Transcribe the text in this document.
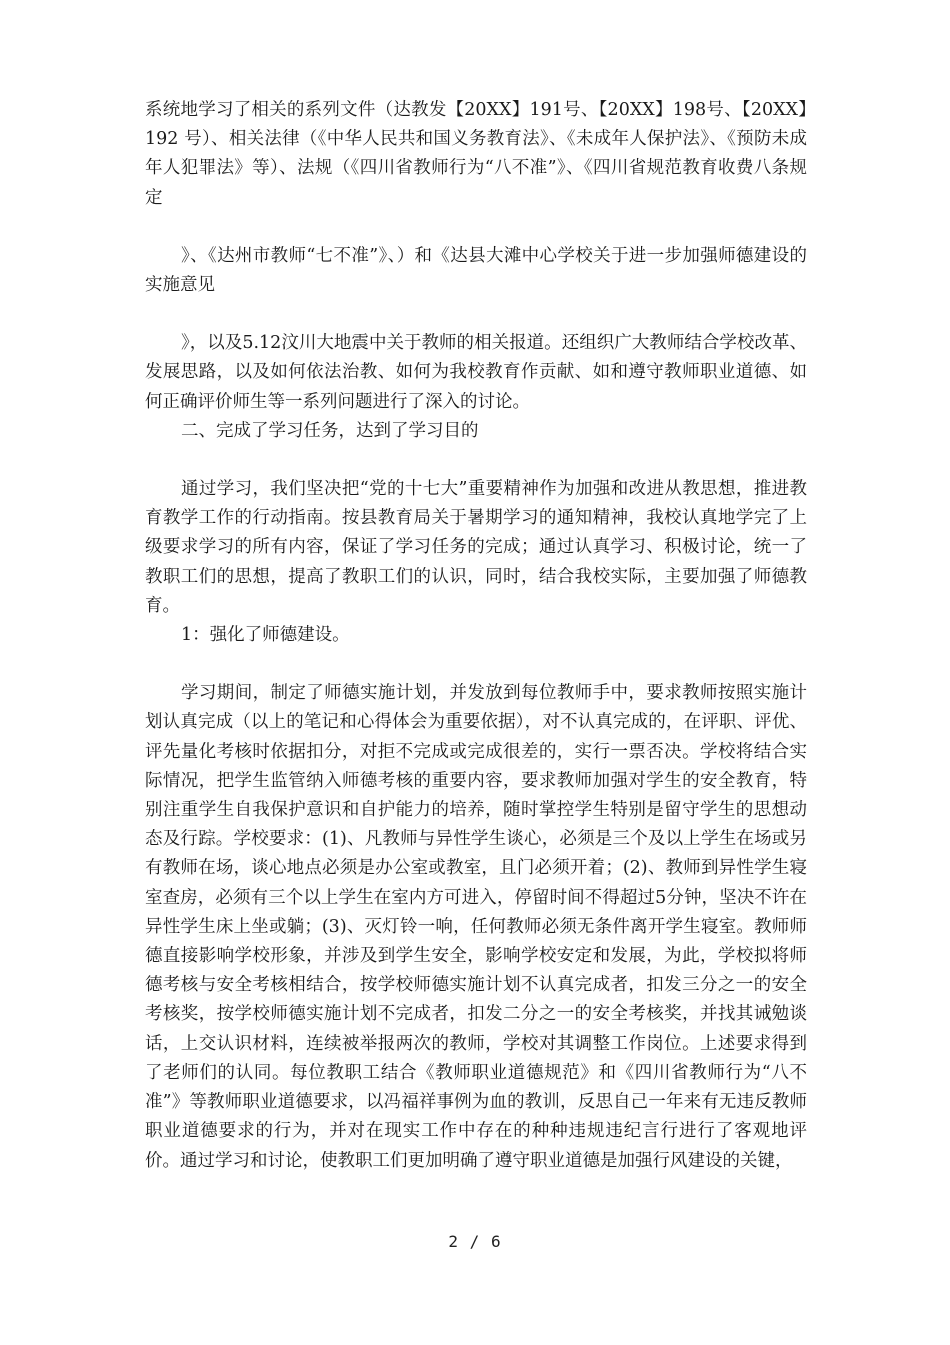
系统地学习了相关的系列文件（达教发【20XX】191号、【20XX】198号、【20XX】192 号）、相关法律（《中华人民共和国义务教育法》、《未成年人保护法》、《预防未成年人犯罪法》等）、法规（《四川省教师行为“八不准”》、《四川省规范教育收费八条规定

》、《达州市教师“七不准”》、）和《达县大滩中心学校关于进一步加强师德建设的实施意见

》，以及5.12汶川大地震中关于教师的相关报道。还组织广大教师结合学校改革、发展思路，以及如何依法治教、如何为我校教育作贡献、如和遵守教师职业道德、如何正确评价师生等一系列问题进行了深入的讨论。

二、完成了学习任务，达到了学习目的

通过学习，我们坚决把“党的十七大”重要精神作为加强和改进从教思想，推进教育教学工作的行动指南。按县教育局关于暑期学习的通知精神，我校认真地学完了上级要求学习的所有内容，保证了学习任务的完成；通过认真学习、积极讨论，统一了教职工们的思想，提高了教职工们的认识，同时，结合我校实际，主要加强了师德教育。

1：强化了师德建设。

学习期间，制定了师德实施计划，并发放到每位教师手中，要求教师按照实施计划认真完成（以上的笔记和心得体会为重要依据），对不认真完成的，在评职、评优、评先量化考核时依据扣分，对拒不完成或完成很差的，实行一票否决。学校将结合实际情况，把学生监管纳入师德考核的重要内容，要求教师加强对学生的安全教育，特别注重学生自我保护意识和自护能力的培养，随时掌控学生特别是留守学生的思想动态及行踪。学校要求：(1)、凡教师与异性学生谈心，必须是三个及以上学生在场或另有教师在场，谈心地点必须是办公室或教室，且门必须开着；(2)、教师到异性学生寝室查房，必须有三个以上学生在室内方可进入，停留时间不得超过5分钟，坚决不许在异性学生床上坐或躺；(3)、灭灯铃一响，任何教师必须无条件离开学生寝室。教师师德直接影响学校形象，并涉及到学生安全，影响学校安定和发展，为此，学校拟将师德考核与安全考核相结合，按学校师德实施计划不认真完成者，扣发三分之一的安全考核奖，按学校师德实施计划不完成者，扣发二分之一的安全考核奖，并找其诫勉谈话，上交认识材料，连续被举报两次的教师，学校对其调整工作岗位。上述要求得到了老师们的认同。每位教职工结合《教师职业道德规范》和《四川省教师行为“八不准”》等教师职业道德要求，以冯福祥事例为血的教训，反思自己一年来有无违反教师职业道德要求的行为，并对在现实工作中存在的种种违规违纪言行进行了客观地评价。通过学习和讨论，使教职工们更加明确了遵守职业道德是加强行风建设的关键，

2 / 6
